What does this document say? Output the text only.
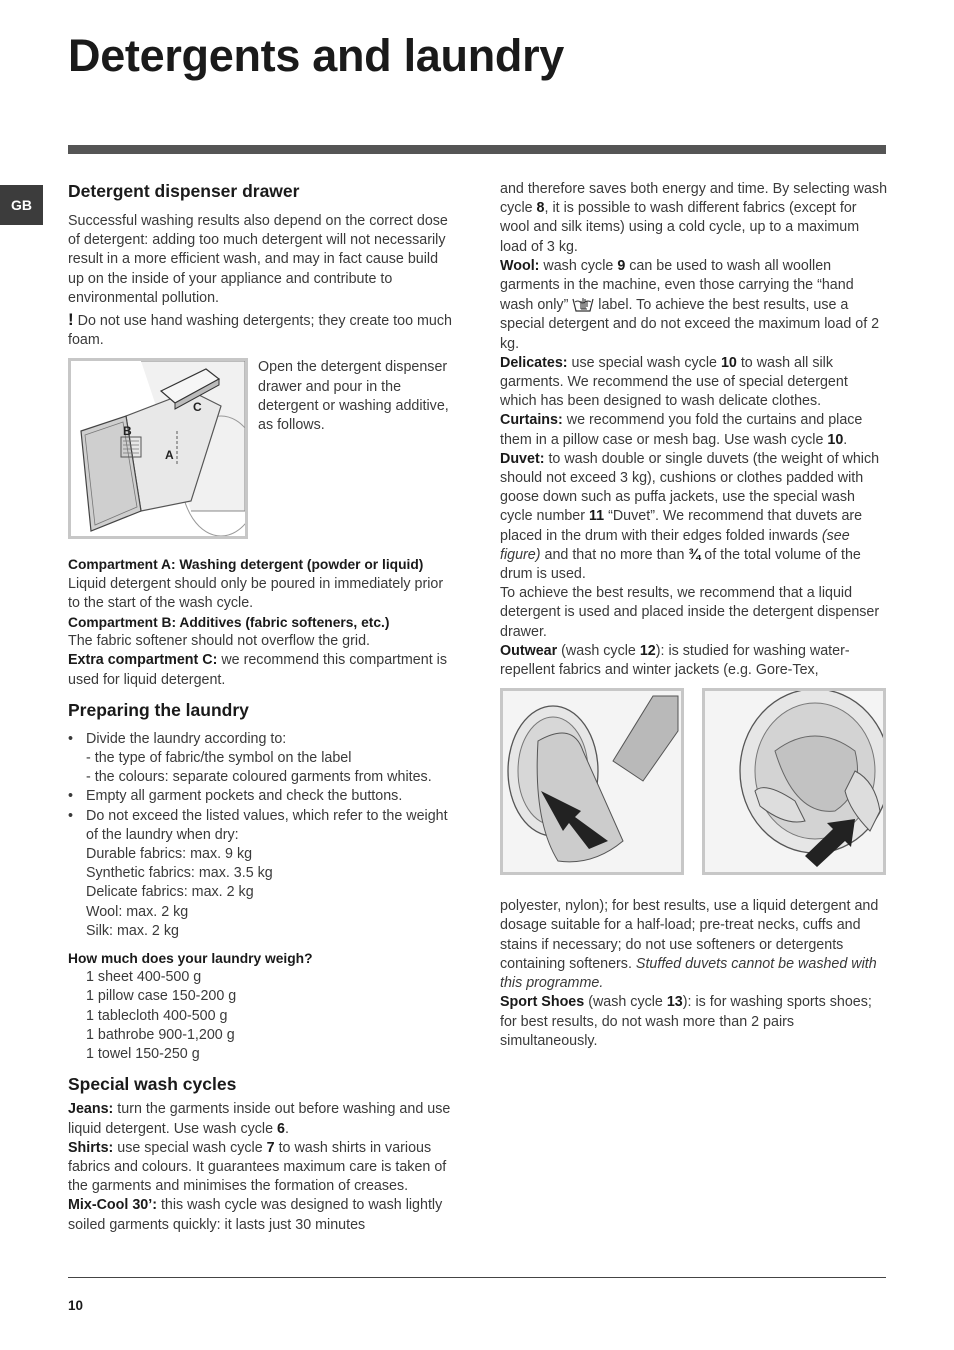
Detergents and laundry
GB
Detergent dispenser drawer

Successful washing results also depend on the correct dose of detergent: adding too much detergent will not necessarily result in a more efficient wash, and may in fact cause build up on the inside of your appliance and contribute to environmental pollution.

! Do not use hand washing detergents; they create too much foam.

C
B
A

Open the detergent dispenser drawer and pour in the detergent or washing additive, as follows.

Compartment A: Washing detergent (powder or liquid)

Liquid detergent should only be poured in immediately prior to the start of the wash cycle.

Compartment B: Additives (fabric softeners, etc.)

The fabric softener should not overflow the grid.

Extra compartment C: we recommend this compartment is used for liquid detergent.

Preparing the laundry
• Divide the laundry according to:
- the type of fabric/the symbol on the label
- the colours: separate coloured garments from whites.
• Empty all garment pockets and check the buttons.
• Do not exceed the listed values, which refer to the weight of the laundry when dry:
Durable fabrics: max. 9 kg
Synthetic fabrics: max. 3.5 kg
Delicate fabrics: max. 2 kg
Wool: max. 2 kg
Silk: max. 2 kg

How much does your laundry weigh?

1 sheet 400-500 g
1 pillow case 150-200 g
1 tablecloth 400-500 g
1 bathrobe 900-1,200 g
1 towel 150-250 g
Special wash cycles

Jeans: turn the garments inside out before washing and use liquid detergent. Use wash cycle 6.

Shirts: use special wash cycle 7 to wash shirts in various fabrics and colours. It guarantees maximum care is taken of the garments and minimises the formation of creases.

Mix-Cool 30’: this wash cycle was designed to wash lightly soiled garments quickly: it lasts just 30 minutes

and therefore saves both energy and time. By selecting wash cycle 8, it is possible to wash different fabrics (except for wool and silk items) using a cold cycle, up to a maximum load of 3 kg.

Wool: wash cycle 9 can be used to wash all woollen garments in the machine, even those carrying the “hand wash only”  label. To achieve the best results, use a special detergent and do not exceed the maximum load of 2 kg.

Delicates: use special wash cycle 10 to wash all silk garments. We recommend the use of special detergent which has been designed to wash delicate clothes.

Curtains: we recommend you fold the curtains and place them in a pillow case or mesh bag. Use wash cycle 10.

Duvet: to wash double or single duvets (the weight of which should not exceed 3 kg), cushions or clothes padded with goose down such as puffa jackets, use the special wash cycle number 11 “Duvet”. We recommend that duvets are placed in the drum with their edges folded inwards (see figure) and that no more than ¾ of the total volume of the drum is used.

To achieve the best results, we recommend that a liquid detergent is used and placed inside the detergent dispenser drawer.

Outwear (wash cycle 12): is studied for washing water-repellent fabrics and winter jackets (e.g. Gore-Tex,

polyester, nylon); for best results, use a liquid detergent and dosage suitable for a half-load; pre-treat necks, cuffs and stains if necessary; do not use softeners or detergents containing softeners. Stuffed duvets cannot be washed with this programme.

Sport Shoes (wash cycle 13): is for washing sports shoes; for best results, do not wash more than 2 pairs simultaneously.

10
